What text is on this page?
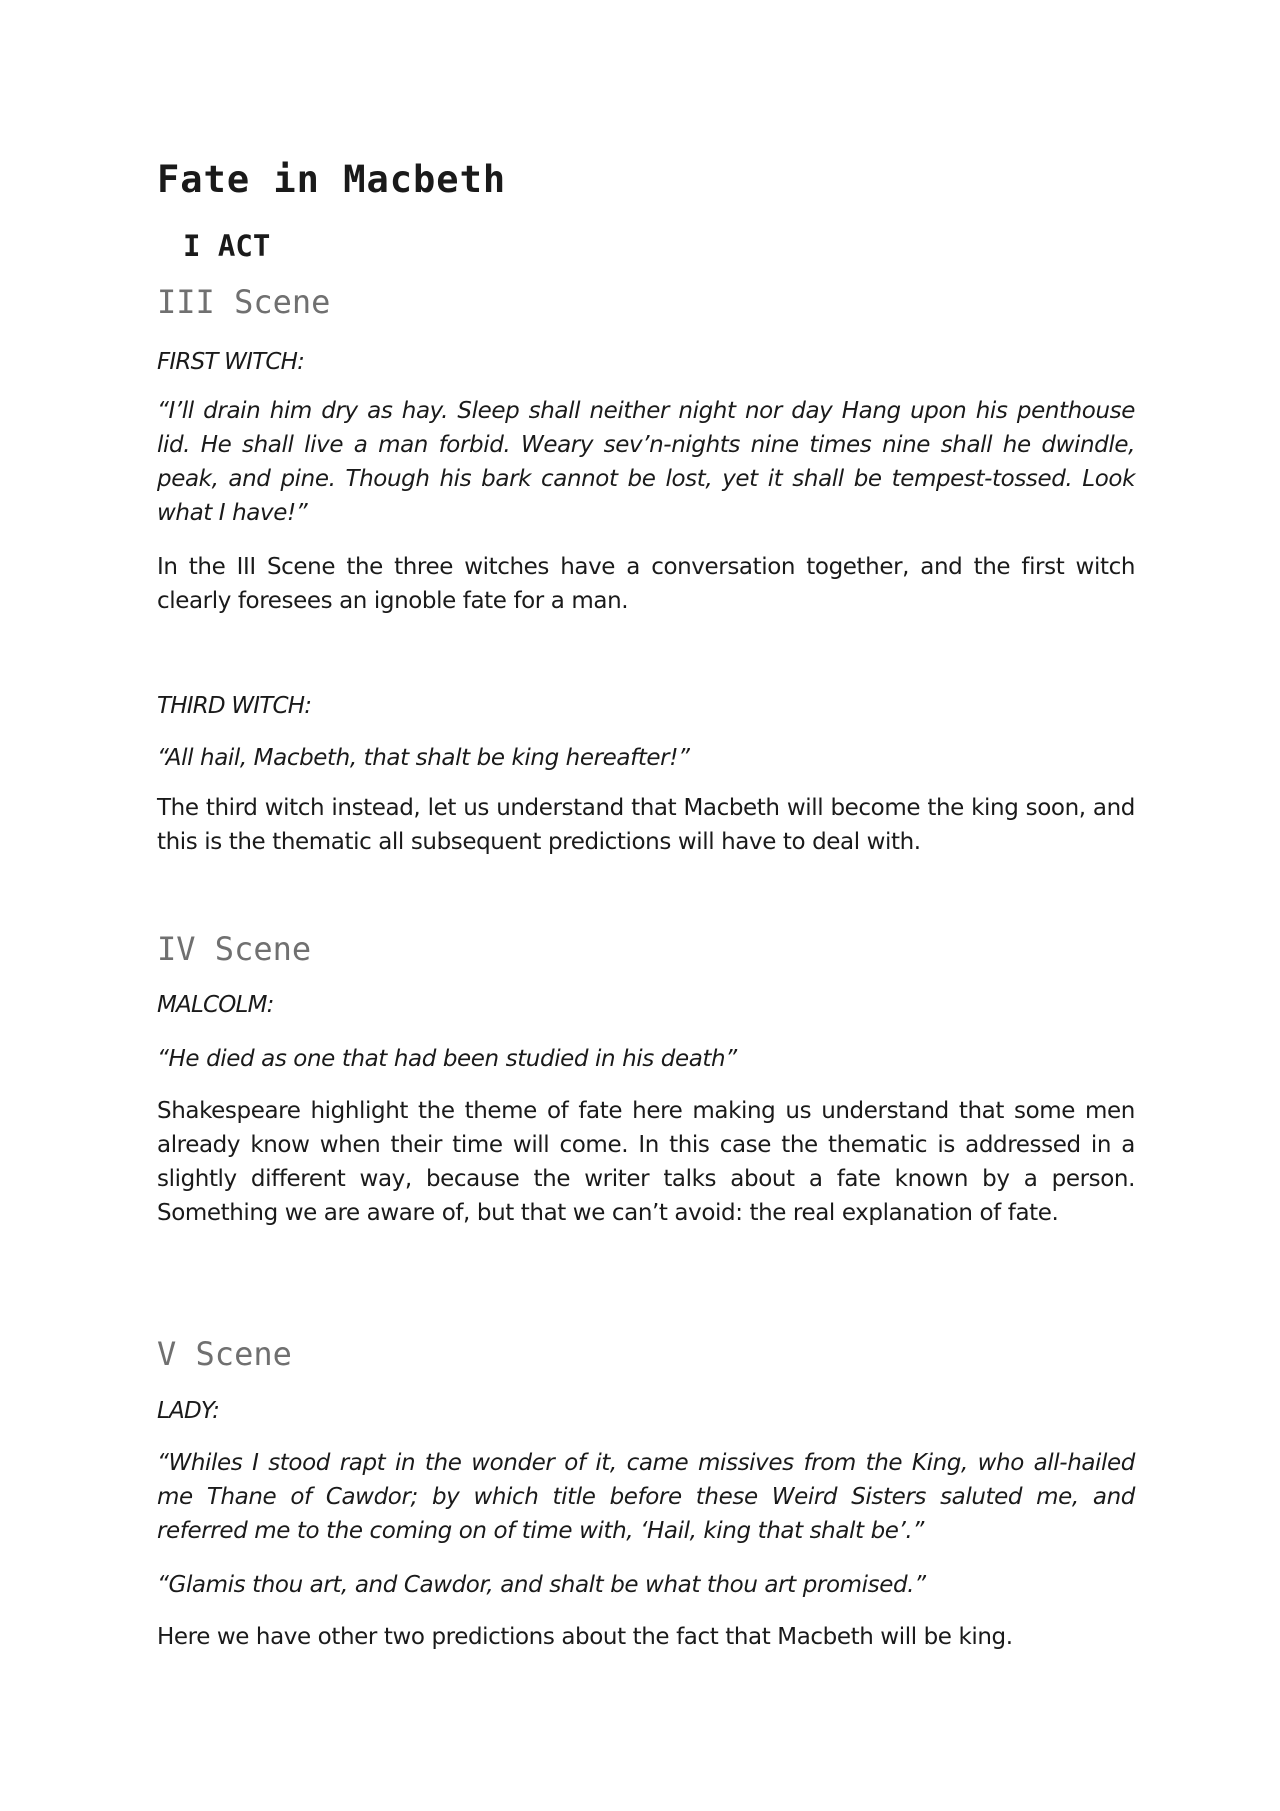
Fate in Macbeth
I ACT
III Scene

FIRST WITCH:

“I’ll drain him dry as hay. Sleep shall neither night nor day Hang upon his penthouse lid. He shall live a man forbid. Weary sev’n-nights nine times nine shall he dwindle, peak, and pine. Though his bark cannot be lost, yet it shall be tempest-tossed. Look what I have!”

In the III Scene the three witches have a conversation together, and the first witch clearly foresees an ignoble fate for a man.

THIRD WITCH:

“All hail, Macbeth, that shalt be king hereafter!”

The third witch instead, let us understand that Macbeth will become the king soon, and this is the thematic all subsequent predictions will have to deal with.

IV Scene

MALCOLM:

“He died as one that had been studied in his death”

Shakespeare highlight the theme of fate here making us understand that some men already know when their time will come. In this case the thematic is addressed in a slightly different way, because the writer talks about a fate known by a person. Something we are aware of, but that we can’t avoid: the real explanation of fate.

V Scene

LADY:

“Whiles I stood rapt in the wonder of it, came missives from the King, who all-hailed me Thane of Cawdor; by which title before these Weird Sisters saluted me, and referred me to the coming on of time with, ‘Hail, king that shalt be’.”

“Glamis thou art, and Cawdor, and shalt be what thou art promised.”

Here we have other two predictions about the fact that Macbeth will be king.
